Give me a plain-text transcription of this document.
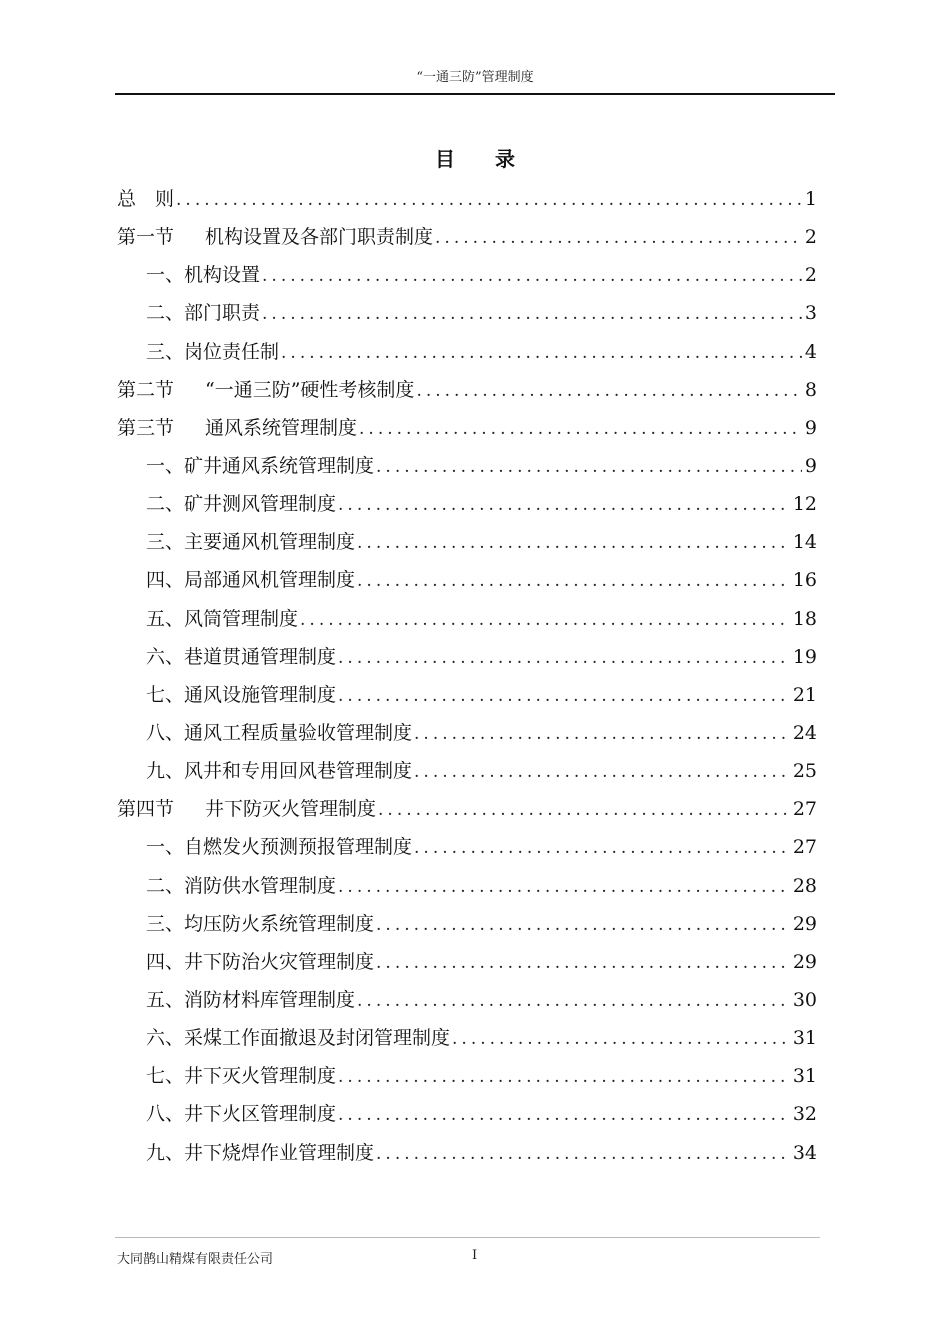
“一通三防”管理制度
目录
总　则 .....	1
第一节 机构设置及各部门职责制度 .....	2
一、机构设置 .....	2
二、部门职责 .....	3
三、岗位责任制 .....	4
第二节 “一通三防”硬性考核制度 .....	8
第三节 通风系统管理制度 .....	9
一、矿井通风系统管理制度 .....	9
二、矿井测风管理制度 .....	12
三、主要通风机管理制度 .....	14
四、局部通风机管理制度 .....	16
五、风筒管理制度 .....	18
六、巷道贯通管理制度 .....	19
七、通风设施管理制度 .....	21
八、通风工程质量验收管理制度 .....	24
九、风井和专用回风巷管理制度 .....	25
第四节 井下防灭火管理制度 .....	27
一、自燃发火预测预报管理制度 .....	27
二、消防供水管理制度 .....	28
三、均压防火系统管理制度 .....	29
四、井下防治火灾管理制度 .....	29
五、消防材料库管理制度 .....	30
六、采煤工作面撤退及封闭管理制度 .....	31
七、井下灭火管理制度 .....	31
八、井下火区管理制度 .....	32
九、井下烧焊作业管理制度 .....	34
大同鹊山精煤有限责任公司	I
